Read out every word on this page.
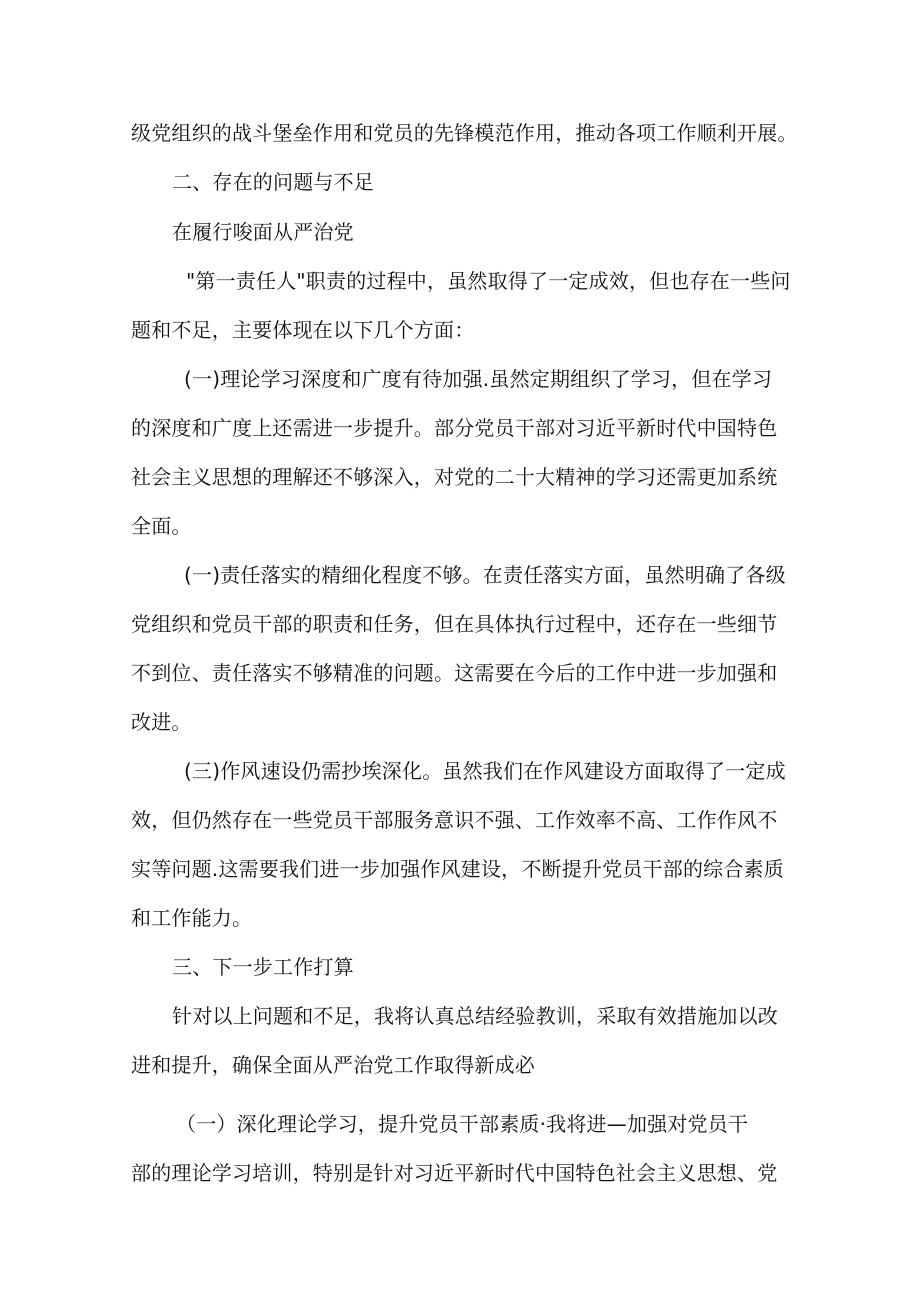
级党组织的战斗堡垒作用和党员的先锋模范作用，推动各项工作顺利开展。
二、存在的问题与不足
在履行唆面从严治党
"第一责任人"职责的过程中，虽然取得了一定成效，但也存在一些问
题和不足，主要体现在以下几个方面：
(一)理论学习深度和广度有待加强.虽然定期组织了学习，但在学习
的深度和广度上还需进一步提升。部分党员干部对习近平新时代中国特色
社会主义思想的理解还不够深入，对党的二十大精神的学习还需更加系统
全面。
(一)责任落实的精细化程度不够。在责任落实方面，虽然明确了各级
党组织和党员干部的职责和任务，但在具体执行过程中，还存在一些细节
不到位、责任落实不够精准的问题。这需要在今后的工作中进一步加强和
改进。
(三)作风速设仍需抄埃深化。虽然我们在作风建设方面取得了一定成
效，但仍然存在一些党员干部服务意识不强、工作效率不高、工作作风不
实等问题.这需要我们进一步加强作风建设，不断提升党员干部的综合素质
和工作能力。
三、下一步工作打算
针对以上问题和不足，我将认真总结经验教训，采取有效措施加以改
进和提升，确保全面从严治党工作取得新成必
（一）深化理论学习，提升党员干部素质·我将进—加强对党员干
部的理论学习培训，特别是针对习近平新时代中国特色社会主义思想、党
